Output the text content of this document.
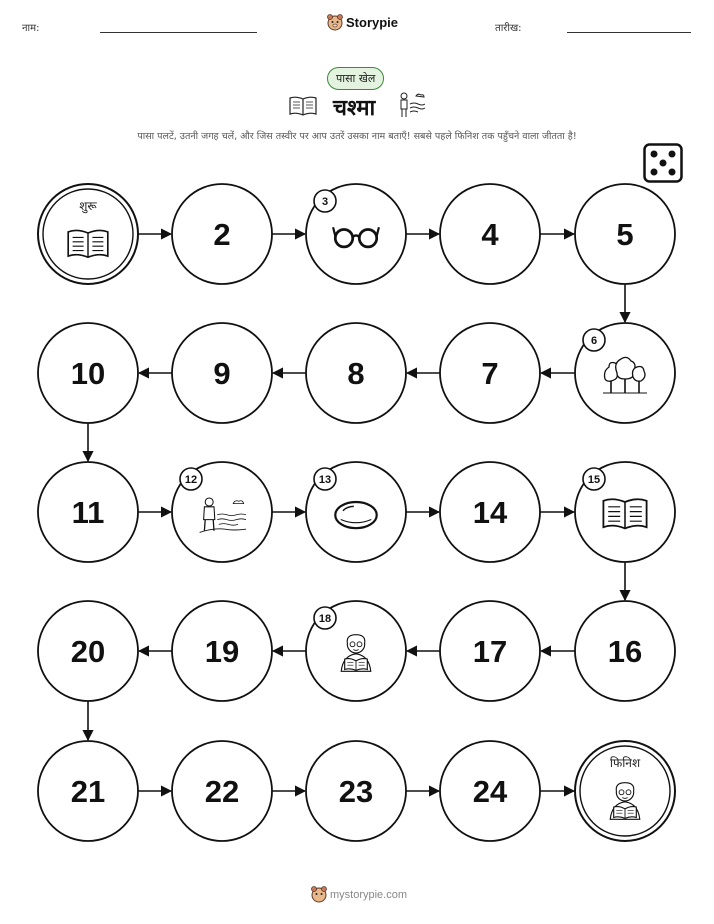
नाम:	Storypie	तारीख:
पासा खेल
चश्मा
पासा पलटें, उतनी जगह चलें, और जिस तस्वीर पर आप उतरें उसका नाम बताएँ! सबसे पहले फिनिश तक पहुँचने वाला जीतता है!
शुरू
2
3
4	5
6
7
8
9
10
11
12	13
14
15
16
17
18
19
20
21	22	23	24
फिनिश
mystorypie.com
